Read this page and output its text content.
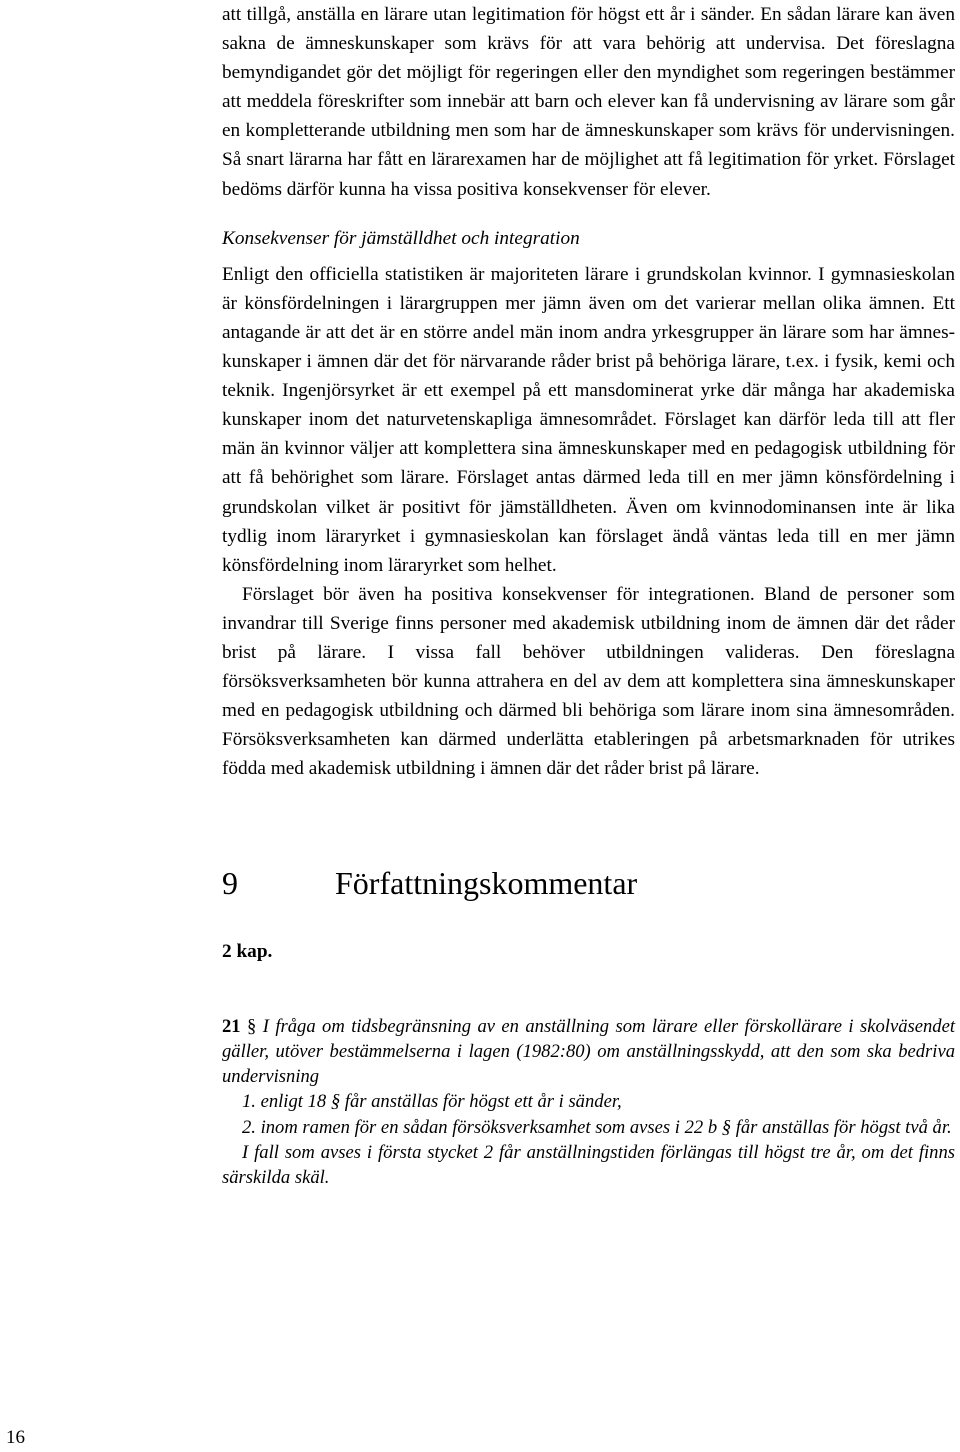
att tillgå, anställa en lärare utan legitimation för högst ett år i sänder. En sådan lärare kan även sakna de ämneskunskaper som krävs för att vara behörig att undervisa. Det föreslagna bemyndigandet gör det möjligt för regeringen eller den myndighet som regeringen bestämmer att meddela föreskrifter som innebär att barn och elever kan få undervisning av lärare som går en kompletterande utbildning men som har de ämneskunskaper som krävs för undervisningen. Så snart lärarna har fått en lärarexamen har de möjlighet att få legitimation för yrket. Förslaget bedöms därför kunna ha vissa positiva konsekvenser för elever.

Konsekvenser för jämställdhet och integration

Enligt den officiella statistiken är majoriteten lärare i grundskolan kvinnor. I gymnasieskolan är könsfördelningen i lärargruppen mer jämn även om det varierar mellan olika ämnen. Ett antagande är att det är en större andel män inom andra yrkesgrupper än lärare som har ämneskunskaper i ämnen där det för närvarande råder brist på behöriga lärare, t.ex. i fysik, kemi och teknik. Ingenjörsyrket är ett exempel på ett mansdominerat yrke där många har akademiska kunskaper inom det naturvetenskapliga ämnesområdet. Förslaget kan därför leda till att fler män än kvinnor väljer att komplettera sina ämneskunskaper med en pedagogisk utbildning för att få behörighet som lärare. Förslaget antas därmed leda till en mer jämn könsfördelning i grundskolan vilket är positivt för jämställdheten. Även om kvinnodominansen inte är lika tydlig inom läraryrket i gymnasieskolan kan förslaget ändå väntas leda till en mer jämn könsfördelning inom läraryrket som helhet.

Förslaget bör även ha positiva konsekvenser för integrationen. Bland de personer som invandrar till Sverige finns personer med akademisk utbildning inom de ämnen där det råder brist på lärare. I vissa fall behöver utbildningen valideras. Den föreslagna försöksverksamheten bör kunna attrahera en del av dem att komplettera sina ämneskunskaper med en pedagogisk utbildning och därmed bli behöriga som lärare inom sina ämnesområden. Försöksverksamheten kan därmed underlätta etableringen på arbetsmarknaden för utrikes födda med akademisk utbildning i ämnen där det råder brist på lärare.

9	Författningskommentar

2 kap.

21 § I fråga om tidsbegränsning av en anställning som lärare eller förskollärare i skolväsendet gäller, utöver bestämmelserna i lagen (1982:80) om anställningsskydd, att den som ska bedriva undervisning

1. enligt 18 § får anställas för högst ett år i sänder,

2. inom ramen för en sådan försöksverksamhet som avses i 22 b § får anställas för högst två år.

I fall som avses i första stycket 2 får anställningstiden förlängas till högst tre år, om det finns särskilda skäl.

16
